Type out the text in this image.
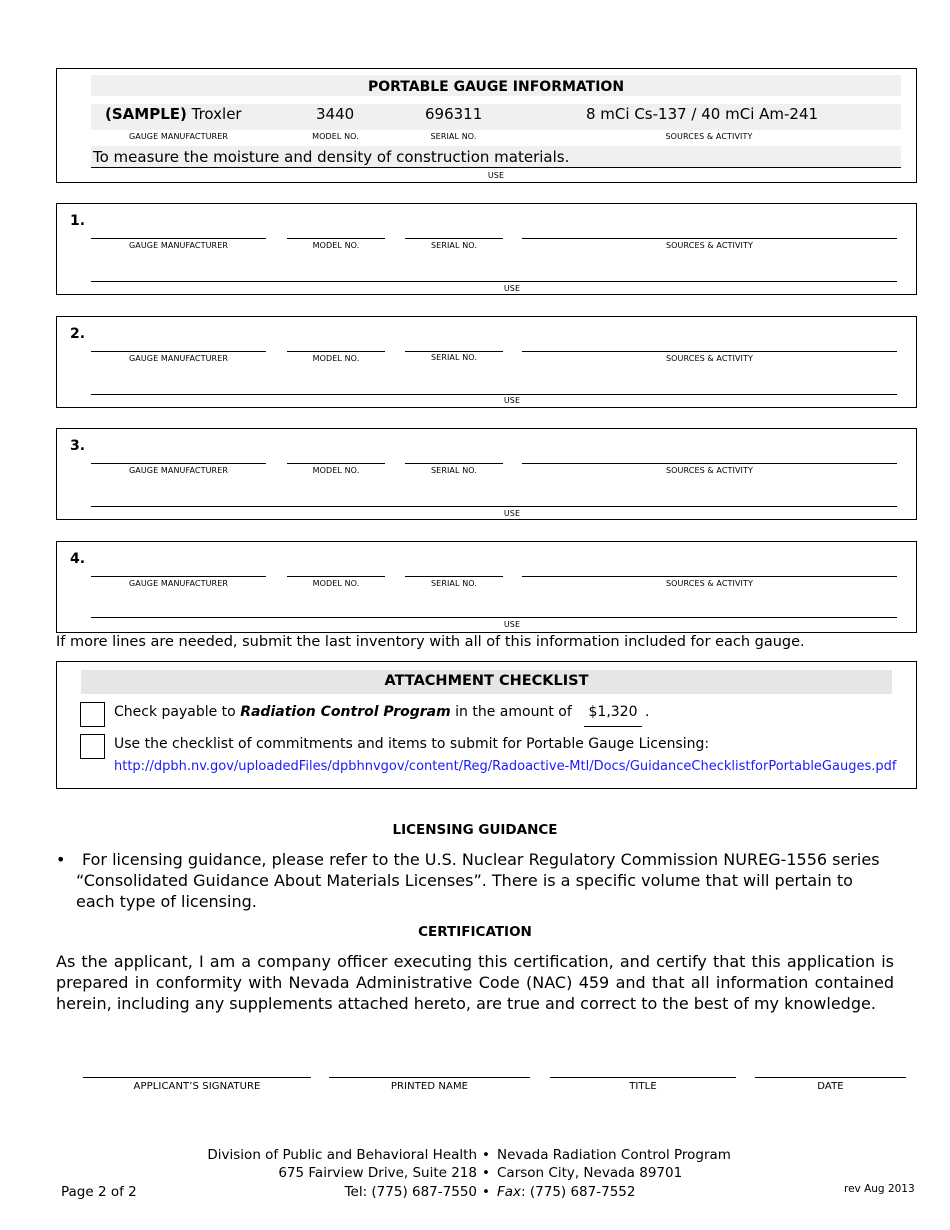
PORTABLE GAUGE INFORMATION
(SAMPLE) Troxler	3440	696311	8 mCi Cs-137 / 40 mCi Am-241
GAUGE MANUFACTURER	MODEL NO.	SERIAL NO.	SOURCES & ACTIVITY
To measure the moisture and density of construction materials.
USE
1.
GAUGE MANUFACTURER	MODEL NO.	SERIAL NO.	SOURCES & ACTIVITY
USE
2.
GAUGE MANUFACTURER	MODEL NO.	SERIAL NO.	SOURCES & ACTIVITY
USE
3.
GAUGE MANUFACTURER	MODEL NO.	SERIAL NO.	SOURCES & ACTIVITY
USE
4.
GAUGE MANUFACTURER	MODEL NO.	SERIAL NO.	SOURCES & ACTIVITY
USE
If more lines are needed, submit the last inventory with all of this information included for each gauge.
ATTACHMENT CHECKLIST
Check payable to Radiation Control Program in the amount of	$1,320 .
Use the checklist of commitments and items to submit for Portable Gauge Licensing:
http://dpbh.nv.gov/uploadedFiles/dpbhnvgov/content/Reg/Radoactive-Mtl/Docs/GuidanceChecklistforPortableGauges.pdf
LICENSING GUIDANCE
•	For licensing guidance, please refer to the U.S. Nuclear Regulatory Commission NUREG-1556 series “Consolidated Guidance About Materials Licenses”. There is a specific volume that will pertain to each type of licensing.
CERTIFICATION
As the applicant, I am a company officer executing this certification, and certify that this application is prepared in conformity with Nevada Administrative Code (NAC) 459 and that all information contained herein, including any supplements attached hereto, are true and correct to the best of my knowledge.
APPLICANT’S SIGNATURE	PRINTED NAME	TITLE	DATE
Division of Public and Behavioral Health • Nevada Radiation Control Program
675 Fairview Drive, Suite 218 • Carson City, Nevada 89701
Tel: (775) 687-7550 • Fax: (775) 687-7552
Page 2 of 2	rev Aug 2013
